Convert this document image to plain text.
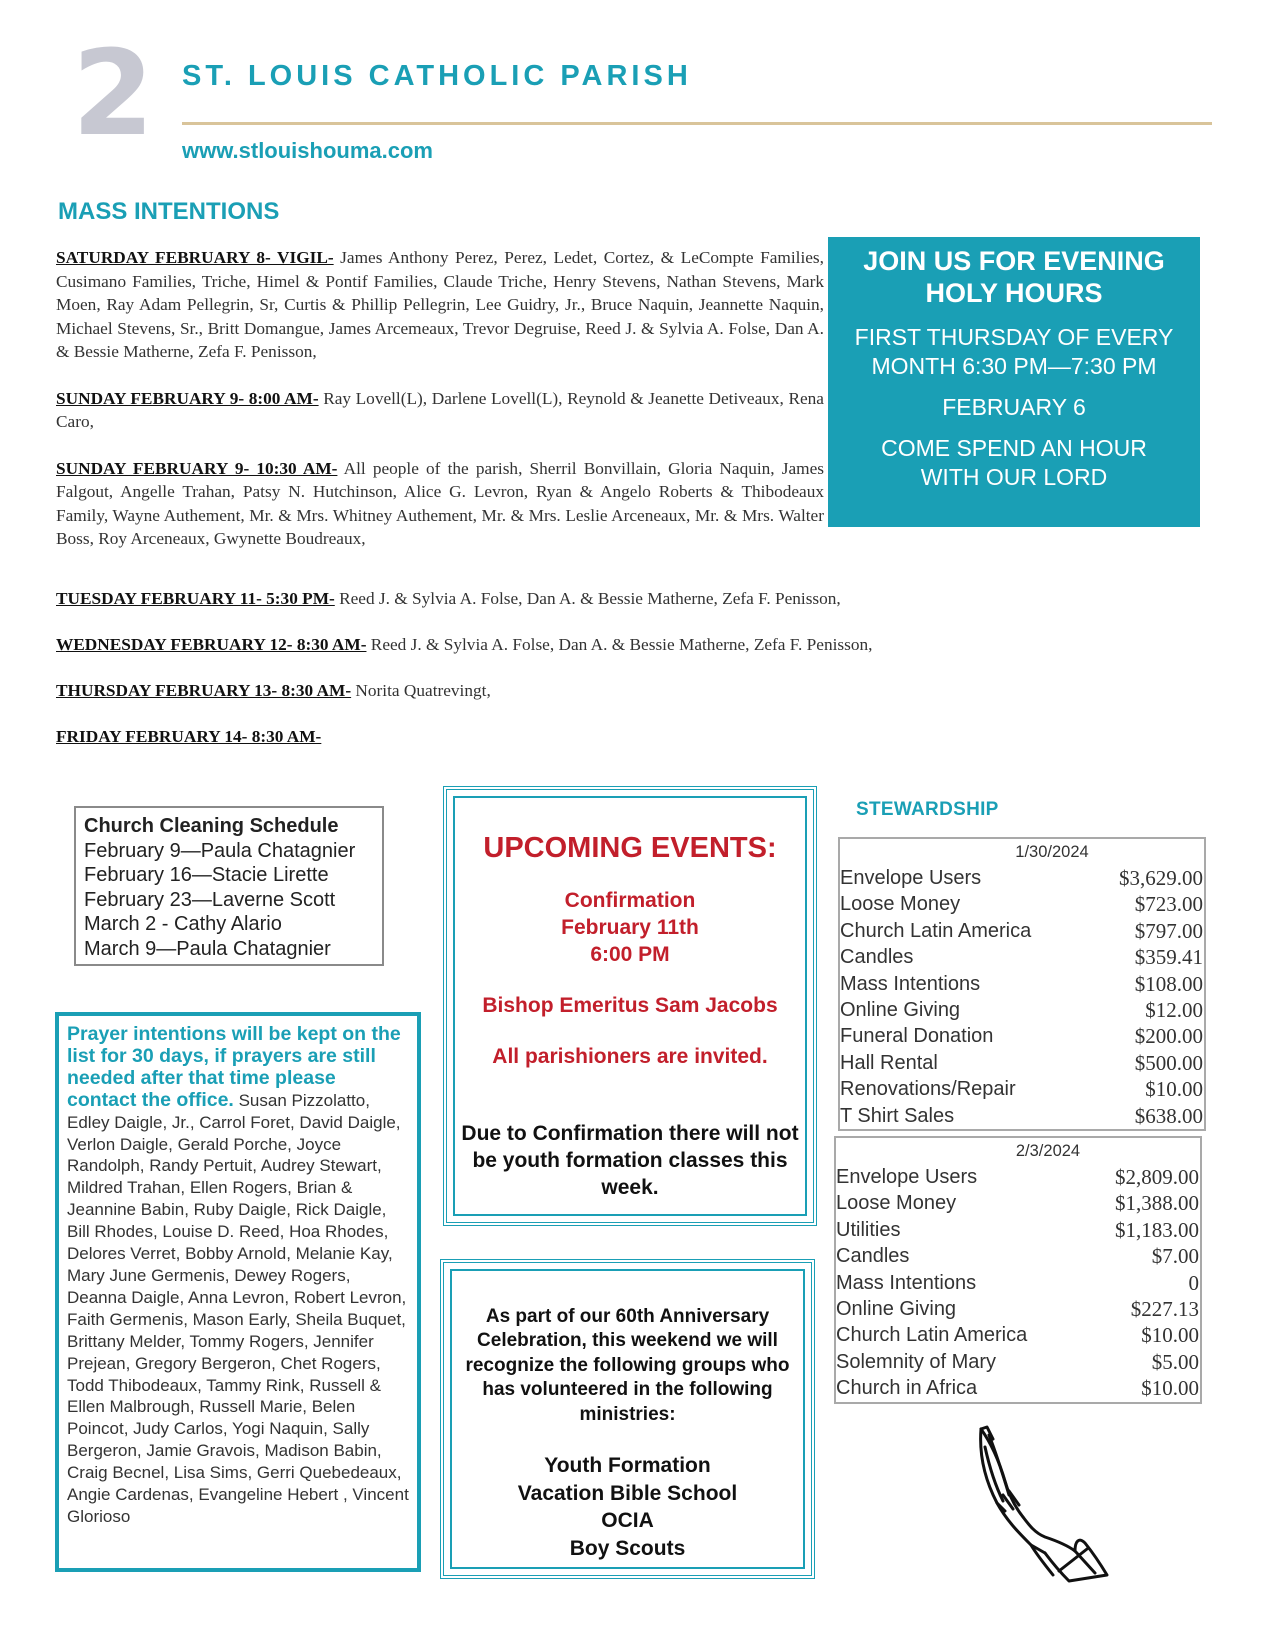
2 ST. LOUIS CATHOLIC PARISH
www.stlouishouma.com
MASS INTENTIONS

SATURDAY FEBRUARY 8- VIGIL- James Anthony Perez, Perez, Ledet, Cortez, & LeCompte Families, Cusimano Families, Triche, Himel & Pontif Families, Claude Triche, Henry Stevens, Nathan Stevens, Mark Moen, Ray Adam Pellegrin, Sr, Curtis & Phillip Pellegrin, Lee Guidry, Jr., Bruce Naquin, Jeannette Naquin, Michael Stevens, Sr., Britt Domangue, James Arcemeaux, Trevor Degruise, Reed J. & Sylvia A. Folse, Dan A. & Bessie Matherne, Zefa F. Penisson,

SUNDAY FEBRUARY 9- 8:00 AM- Ray Lovell(L), Darlene Lovell(L), Reynold & Jeanette Detiveaux, Rena Caro,

SUNDAY FEBRUARY 9- 10:30 AM- All people of the parish, Sherril Bonvillain, Gloria Naquin, James Falgout, Angelle Trahan, Patsy N. Hutchinson, Alice G. Levron, Ryan & Angelo Roberts & Thibodeaux Family, Wayne Authement, Mr. & Mrs. Whitney Authement, Mr. & Mrs. Leslie Arceneaux, Mr. & Mrs. Walter Boss, Roy Arceneaux, Gwynette Boudreaux,

TUESDAY FEBRUARY 11- 5:30 PM- Reed J. & Sylvia A. Folse, Dan A. & Bessie Matherne, Zefa F. Penisson,
WEDNESDAY FEBRUARY 12- 8:30 AM- Reed J. & Sylvia A. Folse, Dan A. & Bessie Matherne, Zefa F. Penisson,
THURSDAY FEBRUARY 13- 8:30 AM- Norita Quatrevingt,
FRIDAY FEBRUARY 14- 8:30 AM-
JOIN US FOR EVENING HOLY HOURS
FIRST THURSDAY OF EVERY MONTH 6:30 PM—7:30 PM
FEBRUARY 6
COME SPEND AN HOUR WITH OUR LORD
Church Cleaning Schedule
February 9—Paula Chatagnier
February 16—Stacie Lirette
February 23—Laverne Scott
March 2 - Cathy Alario
March 9—Paula Chatagnier
Prayer intentions will be kept on the list for 30 days, if prayers are still needed after that time please contact the office. Susan Pizzolatto, Edley Daigle, Jr., Carrol Foret, David Daigle, Verlon Daigle, Gerald Porche, Joyce Randolph, Randy Pertuit, Audrey Stewart, Mildred Trahan, Ellen Rogers, Brian & Jeannine Babin, Ruby Daigle, Rick Daigle, Bill Rhodes, Louise D. Reed, Hoa Rhodes, Delores Verret, Bobby Arnold, Melanie Kay, Mary June Germenis, Dewey Rogers, Deanna Daigle, Anna Levron, Robert Levron, Faith Germenis, Mason Early, Sheila Buquet, Brittany Melder, Tommy Rogers, Jennifer Prejean, Gregory Bergeron, Chet Rogers, Todd Thibodeaux, Tammy Rink, Russell & Ellen Malbrough, Russell Marie, Belen Poincot, Judy Carlos, Yogi Naquin, Sally Bergeron, Jamie Gravois, Madison Babin, Craig Becnel, Lisa Sims, Gerri Quebedeaux, Angie Cardenas, Evangeline Hebert , Vincent Glorioso
UPCOMING EVENTS:
Confirmation
February 11th
6:00 PM
Bishop Emeritus Sam Jacobs
All parishioners are invited.
Due to Confirmation there will not be youth formation classes this week.
As part of our 60th Anniversary Celebration, this weekend we will recognize the following groups who has volunteered in the following ministries:
Youth Formation
Vacation Bible School
OCIA
Boy Scouts
STEWARDSHIP
1/30/2024
Envelope Users	$3,629.00
Loose Money	$723.00
Church Latin America	$797.00
Candles	$359.41
Mass Intentions	$108.00
Online Giving	$12.00
Funeral Donation	$200.00
Hall Rental	$500.00
Renovations/Repair	$10.00
T Shirt Sales	$638.00
2/3/2024
Envelope Users	$2,809.00
Loose Money	$1,388.00
Utilities	$1,183.00
Candles	$7.00
Mass Intentions	0
Online Giving	$227.13
Church Latin America	$10.00
Solemnity of Mary	$5.00
Church in Africa	$10.00
